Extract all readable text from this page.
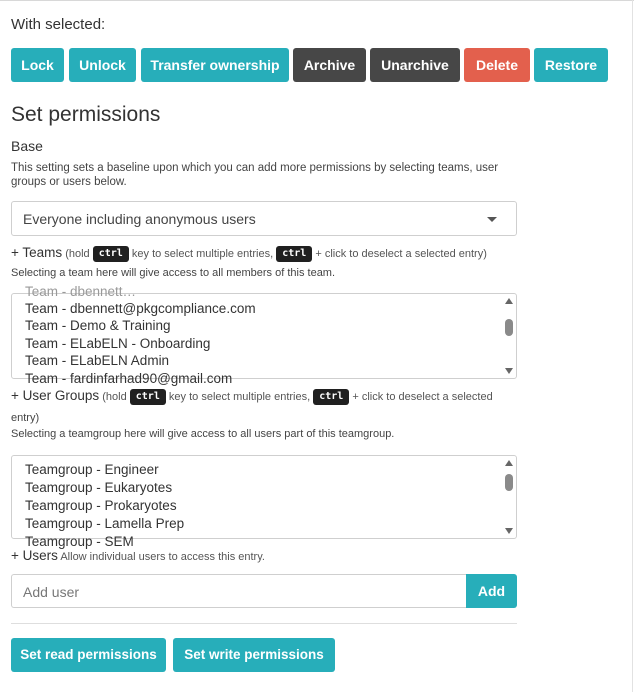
With selected:
Lock	Unlock	Transfer ownership	Archive	Unarchive	Delete	Restore
Set permissions
Base
This setting sets a baseline upon which you can add more permissions by selecting teams, user groups or users below.
Everyone including anonymous users
+ Teams (hold ctrl key to select multiple entries, ctrl + click to deselect a selected entry)
Selecting a team here will give access to all members of this team.
Team - dbennett…
Team - dbennett@pkgcompliance.com
Team - Demo & Training
Team - ELabELN - Onboarding
Team - ELabELN Admin
Team - fardinfarhad90@gmail.com
+ User Groups (hold ctrl key to select multiple entries, ctrl + click to deselect a selected
entry)
Selecting a teamgroup here will give access to all users part of this teamgroup.
Teamgroup - Engineer
Teamgroup - Eukaryotes
Teamgroup - Prokaryotes
Teamgroup - Lamella Prep
Teamgroup - SEM
+ Users Allow individual users to access this entry.
Add user	Add
Set read permissions	Set write permissions
